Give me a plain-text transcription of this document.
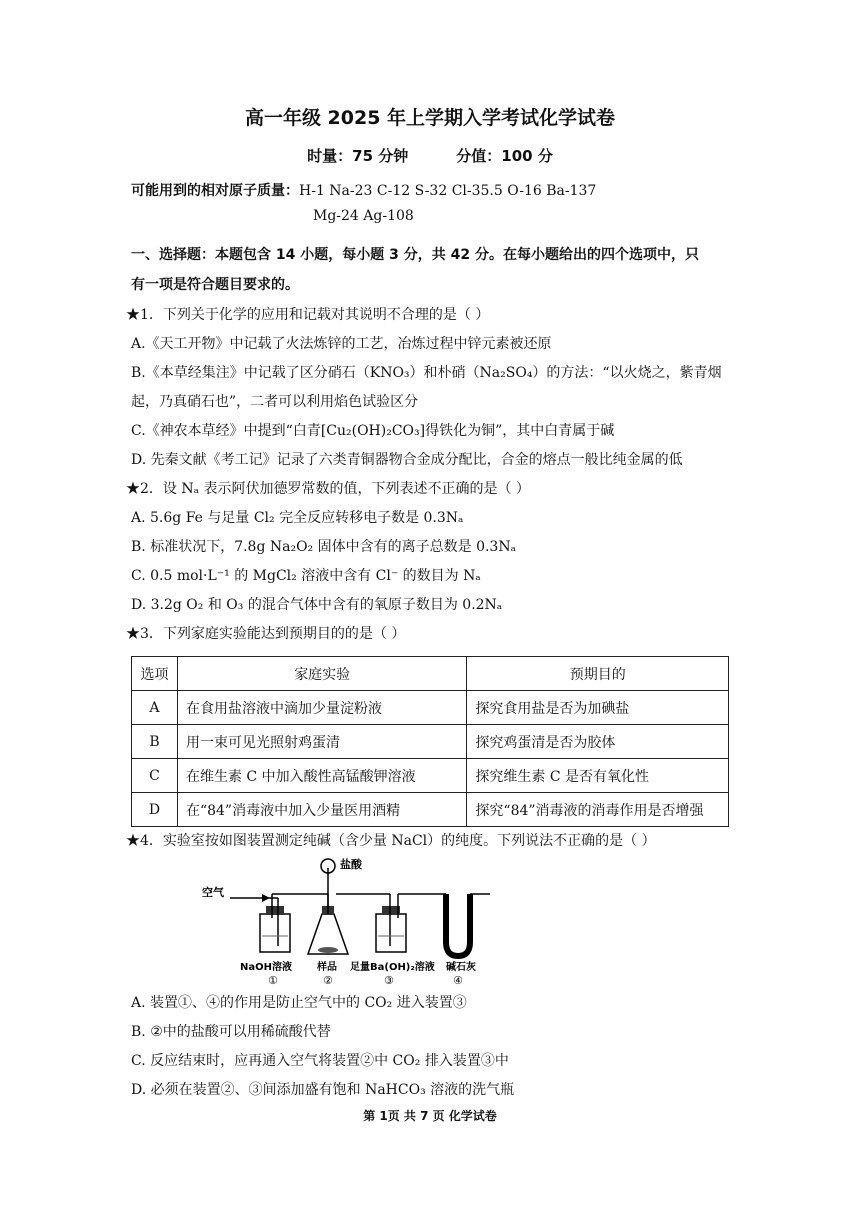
高一年级 2025 年上学期入学考试化学试卷
时量：75 分钟	分值：100 分
可能用到的相对原子质量：H-1 Na-23 C-12 S-32 Cl-35.5 O-16 Ba-137
Mg-24 Ag-108
一、选择题：本题包含 14 小题，每小题 3 分，共 42 分。在每小题给出的四个选项中，只
有一项是符合题目要求的。
★1．下列关于化学的应用和记载对其说明不合理的是（ ）
A.《天工开物》中记载了火法炼锌的工艺，冶炼过程中锌元素被还原
B.《本草经集注》中记载了区分硝石（KNO₃）和朴硝（Na₂SO₄）的方法：“以火烧之，紫青烟
起，乃真硝石也”，二者可以利用焰色试验区分
C.《神农本草经》中提到“白青[Cu₂(OH)₂CO₃]得铁化为铜”，其中白青属于碱
D. 先秦文献《考工记》记录了六类青铜器物合金成分配比，合金的熔点一般比纯金属的低
★2．设 Nₐ 表示阿伏加德罗常数的值，下列表述不正确的是（ ）
A. 5.6g Fe 与足量 Cl₂ 完全反应转移电子数是 0.3Nₐ
B. 标准状况下，7.8g Na₂O₂ 固体中含有的离子总数是 0.3Nₐ
C. 0.5 mol·L⁻¹ 的 MgCl₂ 溶液中含有 Cl⁻ 的数目为 Nₐ
D. 3.2g O₂ 和 O₃ 的混合气体中含有的氧原子数目为 0.2Nₐ
★3．下列家庭实验能达到预期目的的是（ ）
选项	家庭实验	预期目的
A	在食用盐溶液中滴加少量淀粉液	探究食用盐是否为加碘盐
B	用一束可见光照射鸡蛋清	探究鸡蛋清是否为胶体
C	在维生素 C 中加入酸性高锰酸钾溶液	探究维生素 C 是否有氧化性
D	在“84”消毒液中加入少量医用酒精	探究“84”消毒液的消毒作用是否增强
★4．实验室按如图装置测定纯碱（含少量 NaCl）的纯度。下列说法不正确的是（ ）
空气
盐酸
NaOH溶液	样品 足量Ba(OH)₂溶液 碱石灰
①	②	③	④
A. 装置①、④的作用是防止空气中的 CO₂ 进入装置③
B. ②中的盐酸可以用稀硫酸代替
C. 反应结束时，应再通入空气将装置②中 CO₂ 排入装置③中
D. 必须在装置②、③间添加盛有饱和 NaHCO₃ 溶液的洗气瓶
第 1页 共 7 页 化学试卷
